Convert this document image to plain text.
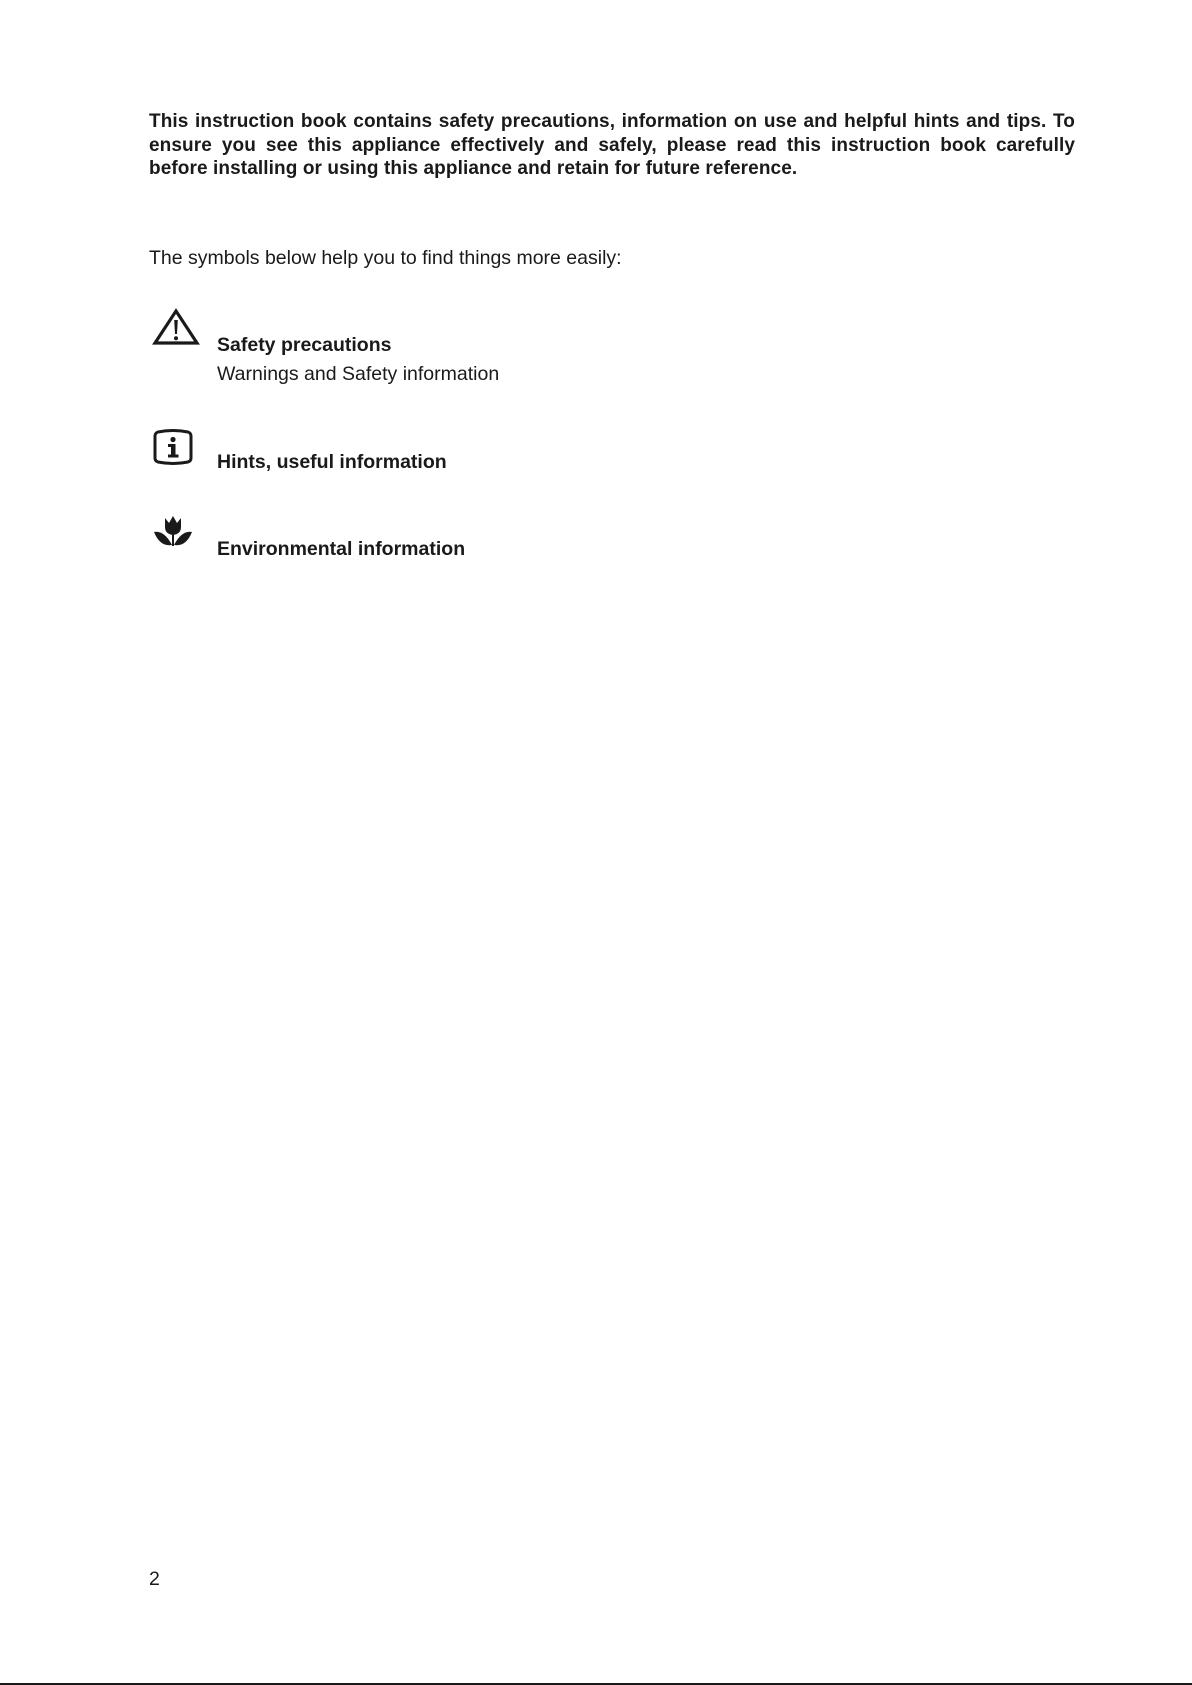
This instruction book contains safety precautions, information on use and helpful hints and tips. To ensure you see this appliance effectively and safely, please read this instruction book carefully before installing or using this appliance and retain for future reference.

The symbols below help you to find things more easily:

Safety precautions

Warnings and Safety information

Hints, useful information

Environmental information

2
